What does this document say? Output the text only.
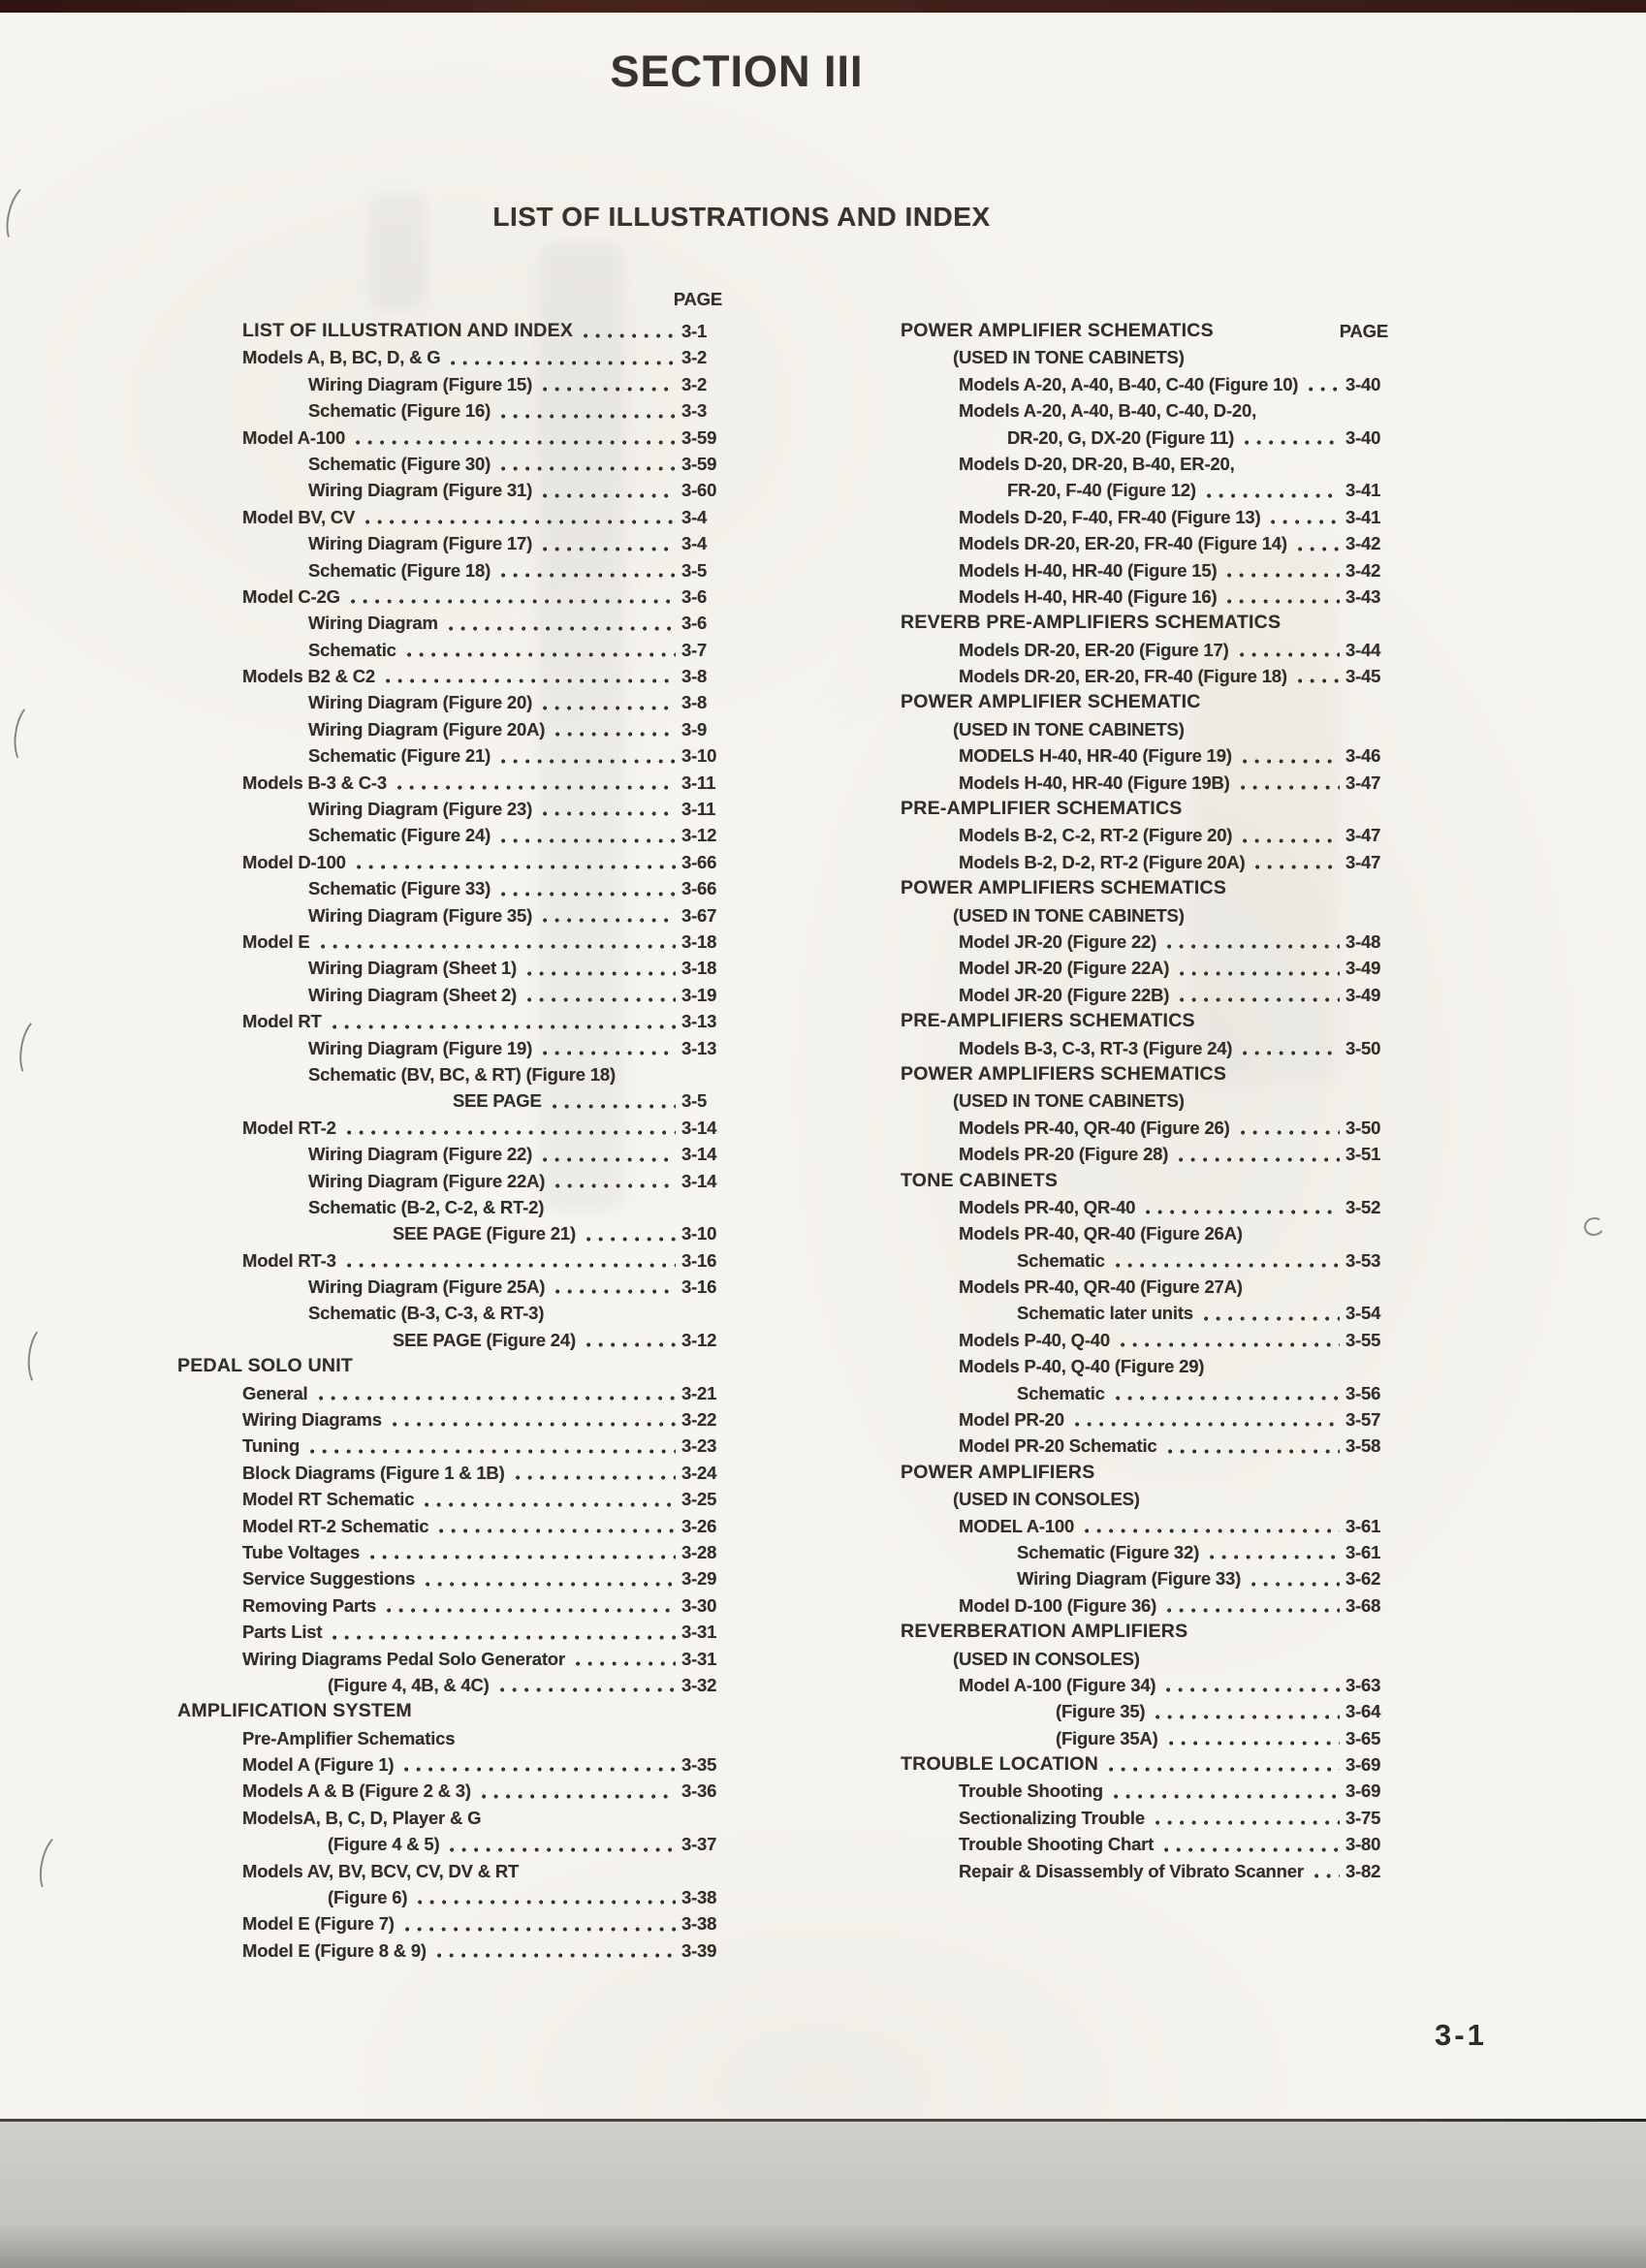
SECTION III
LIST OF ILLUSTRATIONS AND INDEX
PAGE
LIST OF ILLUSTRATION AND INDEX	3-1
Models A, B, BC, D, & G	3-2
Wiring Diagram (Figure 15)	3-2
Schematic (Figure 16)	3-3
Model A-100	3-59
Schematic (Figure 30)	3-59
Wiring Diagram (Figure 31)	3-60
Model BV, CV	3-4
Wiring Diagram (Figure 17)	3-4
Schematic (Figure 18)	3-5
Model C-2G	3-6
Wiring Diagram	3-6
Schematic	3-7
Models B2 & C2	3-8
Wiring Diagram (Figure 20)	3-8
Wiring Diagram (Figure 20A)	3-9
Schematic (Figure 21)	3-10
Models B-3 & C-3	3-11
Wiring Diagram (Figure 23)	3-11
Schematic (Figure 24)	3-12
Model D-100	3-66
Schematic (Figure 33)	3-66
Wiring Diagram (Figure 35)	3-67
Model E	3-18
Wiring Diagram (Sheet 1)	3-18
Wiring Diagram (Sheet 2)	3-19
Model RT	3-13
Wiring Diagram (Figure 19)	3-13
Schematic (BV, BC, & RT) (Figure 18)
SEE PAGE	3-5
Model RT-2	3-14
Wiring Diagram (Figure 22)	3-14
Wiring Diagram (Figure 22A)	3-14
Schematic (B-2, C-2, & RT-2)
SEE PAGE (Figure 21)	3-10
Model RT-3	3-16
Wiring Diagram (Figure 25A)	3-16
Schematic (B-3, C-3, & RT-3)
SEE PAGE (Figure 24)	3-12
PEDAL SOLO UNIT
General	3-21
Wiring Diagrams	3-22
Tuning	3-23
Block Diagrams (Figure 1 & 1B)	3-24
Model RT Schematic	3-25
Model RT-2 Schematic	3-26
Tube Voltages	3-28
Service Suggestions	3-29
Removing Parts	3-30
Parts List	3-31
Wiring Diagrams Pedal Solo Generator	3-31
(Figure 4, 4B, & 4C)	3-32
AMPLIFICATION SYSTEM
Pre-Amplifier Schematics
Model A (Figure 1)	3-35
Models A & B (Figure 2 & 3)	3-36
ModelsA, B, C, D, Player & G
(Figure 4 & 5)	3-37
Models AV, BV, BCV, CV, DV & RT
(Figure 6)	3-38
Model E (Figure 7)	3-38
Model E (Figure 8 & 9)	3-39
POWER AMPLIFIER SCHEMATICS	PAGE
(USED IN TONE CABINETS)
Models A-20, A-40, B-40, C-40 (Figure 10)	3-40
Models A-20, A-40, B-40, C-40, D-20,
DR-20, G, DX-20 (Figure 11)	3-40
Models D-20, DR-20, B-40, ER-20,
FR-20, F-40 (Figure 12)	3-41
Models D-20, F-40, FR-40 (Figure 13)	3-41
Models DR-20, ER-20, FR-40 (Figure 14)	3-42
Models H-40, HR-40 (Figure 15)	3-42
Models H-40, HR-40 (Figure 16)	3-43
REVERB PRE-AMPLIFIERS SCHEMATICS
Models DR-20, ER-20 (Figure 17)	3-44
Models DR-20, ER-20, FR-40 (Figure 18)	3-45
POWER AMPLIFIER SCHEMATIC
(USED IN TONE CABINETS)
MODELS H-40, HR-40 (Figure 19)	3-46
Models H-40, HR-40 (Figure 19B)	3-47
PRE-AMPLIFIER SCHEMATICS
Models B-2, C-2, RT-2 (Figure 20)	3-47
Models B-2, D-2, RT-2 (Figure 20A)	3-47
POWER AMPLIFIERS SCHEMATICS
(USED IN TONE CABINETS)
Model JR-20 (Figure 22)	3-48
Model JR-20 (Figure 22A)	3-49
Model JR-20 (Figure 22B)	3-49
PRE-AMPLIFIERS SCHEMATICS
Models B-3, C-3, RT-3 (Figure 24)	3-50
POWER AMPLIFIERS SCHEMATICS
(USED IN TONE CABINETS)
Models PR-40, QR-40 (Figure 26)	3-50
Models PR-20 (Figure 28)	3-51
TONE CABINETS
Models PR-40, QR-40	3-52
Models PR-40, QR-40 (Figure 26A)
Schematic	3-53
Models PR-40, QR-40 (Figure 27A)
Schematic later units	3-54
Models P-40, Q-40	3-55
Models P-40, Q-40 (Figure 29)
Schematic	3-56
Model PR-20	3-57
Model PR-20 Schematic	3-58
POWER AMPLIFIERS
(USED IN CONSOLES)
MODEL A-100	3-61
Schematic (Figure 32)	3-61
Wiring Diagram (Figure 33)	3-62
Model D-100 (Figure 36)	3-68
REVERBERATION AMPLIFIERS
(USED IN CONSOLES)
Model A-100 (Figure 34)	3-63
(Figure 35)	3-64
(Figure 35A)	3-65
TROUBLE LOCATION	3-69
Trouble Shooting	3-69
Sectionalizing Trouble	3-75
Trouble Shooting Chart	3-80
Repair & Disassembly of Vibrato Scanner 3-82
3-1
